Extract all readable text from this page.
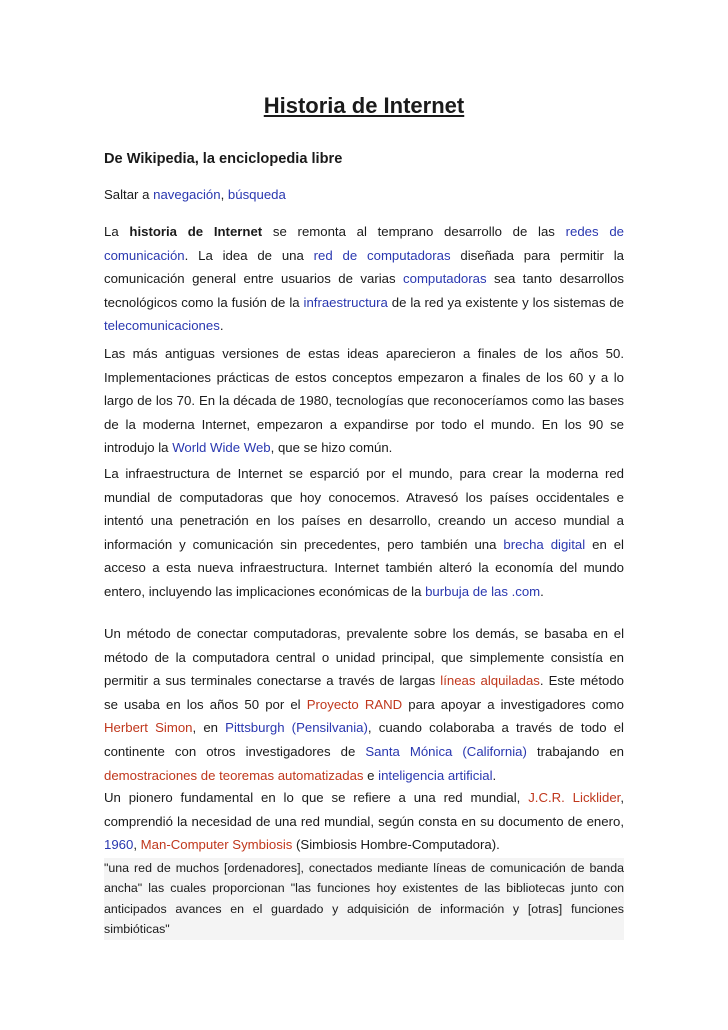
Historia de Internet

De Wikipedia, la enciclopedia libre

Saltar a navegación, búsqueda

La historia de Internet se remonta al temprano desarrollo de las redes de comunicación. La idea de una red de computadoras diseñada para permitir la comunicación general entre usuarios de varias computadoras sea tanto desarrollos tecnológicos como la fusión de la infraestructura de la red ya existente y los sistemas de telecomunicaciones.

Las más antiguas versiones de estas ideas aparecieron a finales de los años 50. Implementaciones prácticas de estos conceptos empezaron a finales de los 60 y a lo largo de los 70. En la década de 1980, tecnologías que reconoceríamos como las bases de la moderna Internet, empezaron a expandirse por todo el mundo. En los 90 se introdujo la World Wide Web, que se hizo común.

La infraestructura de Internet se esparció por el mundo, para crear la moderna red mundial de computadoras que hoy conocemos. Atravesó los países occidentales e intentó una penetración en los países en desarrollo, creando un acceso mundial a información y comunicación sin precedentes, pero también una brecha digital en el acceso a esta nueva infraestructura. Internet también alteró la economía del mundo entero, incluyendo las implicaciones económicas de la burbuja de las .com.

Un método de conectar computadoras, prevalente sobre los demás, se basaba en el método de la computadora central o unidad principal, que simplemente consistía en permitir a sus terminales conectarse a través de largas líneas alquiladas. Este método se usaba en los años 50 por el Proyecto RAND para apoyar a investigadores como Herbert Simon, en Pittsburgh (Pensilvania), cuando colaboraba a través de todo el continente con otros investigadores de Santa Mónica (California) trabajando en demostraciones de teoremas automatizadas e inteligencia artificial.

Un pionero fundamental en lo que se refiere a una red mundial, J.C.R. Licklider, comprendió la necesidad de una red mundial, según consta en su documento de enero, 1960, Man-Computer Symbiosis (Simbiosis Hombre-Computadora).

"una red de muchos [ordenadores], conectados mediante líneas de comunicación de banda ancha" las cuales proporcionan "las funciones hoy existentes de las bibliotecas junto con anticipados avances en el guardado y adquisición de información y [otras] funciones simbióticas"
